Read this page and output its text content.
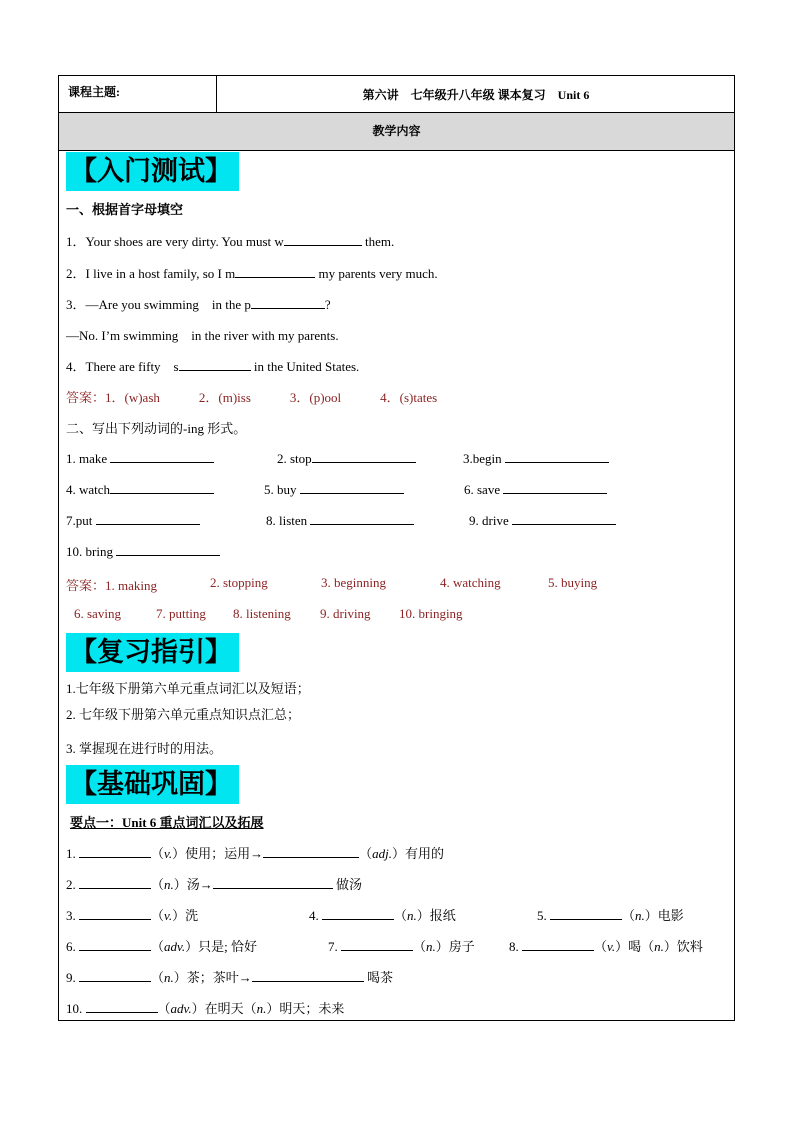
课程主题:	第六讲　七年级升八年级 课本复习　Unit 6
教学内容
【入门测试】
一、根据首字母填空
1．Your shoes are very dirty. You must w	them.
2．I live in a host family, so I m	my parents very much.
3．—Are you swimming　in the p	?
—No. I’m swimming　in the river with my parents.
4．There are fifty　s	in the United States.
答案：1．(w)ash　　　2．(m)iss　　　3．(p)ool　　　4．(s)tates
二、写出下列动词的-ing 形式。
1. make	2. stop	3.begin
4. watch	5. buy	6. save
7.put	8. listen	9. drive
10. bring
答案：1. making	2. stopping	3. beginning	4. watching	5. buying
6. saving	7. putting 8. listening 9. driving 10. bringing
【复习指引】
1.七年级下册第六单元重点词汇以及短语；
2. 七年级下册第六单元重点知识点汇总；
3. 掌握现在进行时的用法。
【基础巩固】
要点一：Unit 6 重点词汇以及拓展
1.	（v.）使用；运用→	（adj.）有用的
2.	（n.）汤→	做汤
3.	（v.）洗	4.	（n.）报纸	5.	（n.）电影
6.	（adv.）只是; 恰好	7.	（n.）房子	8.	（v.）喝（n.）饮料
9.	（n.）茶；茶叶→	喝茶
10.	（adv.）在明天（n.）明天；未来
